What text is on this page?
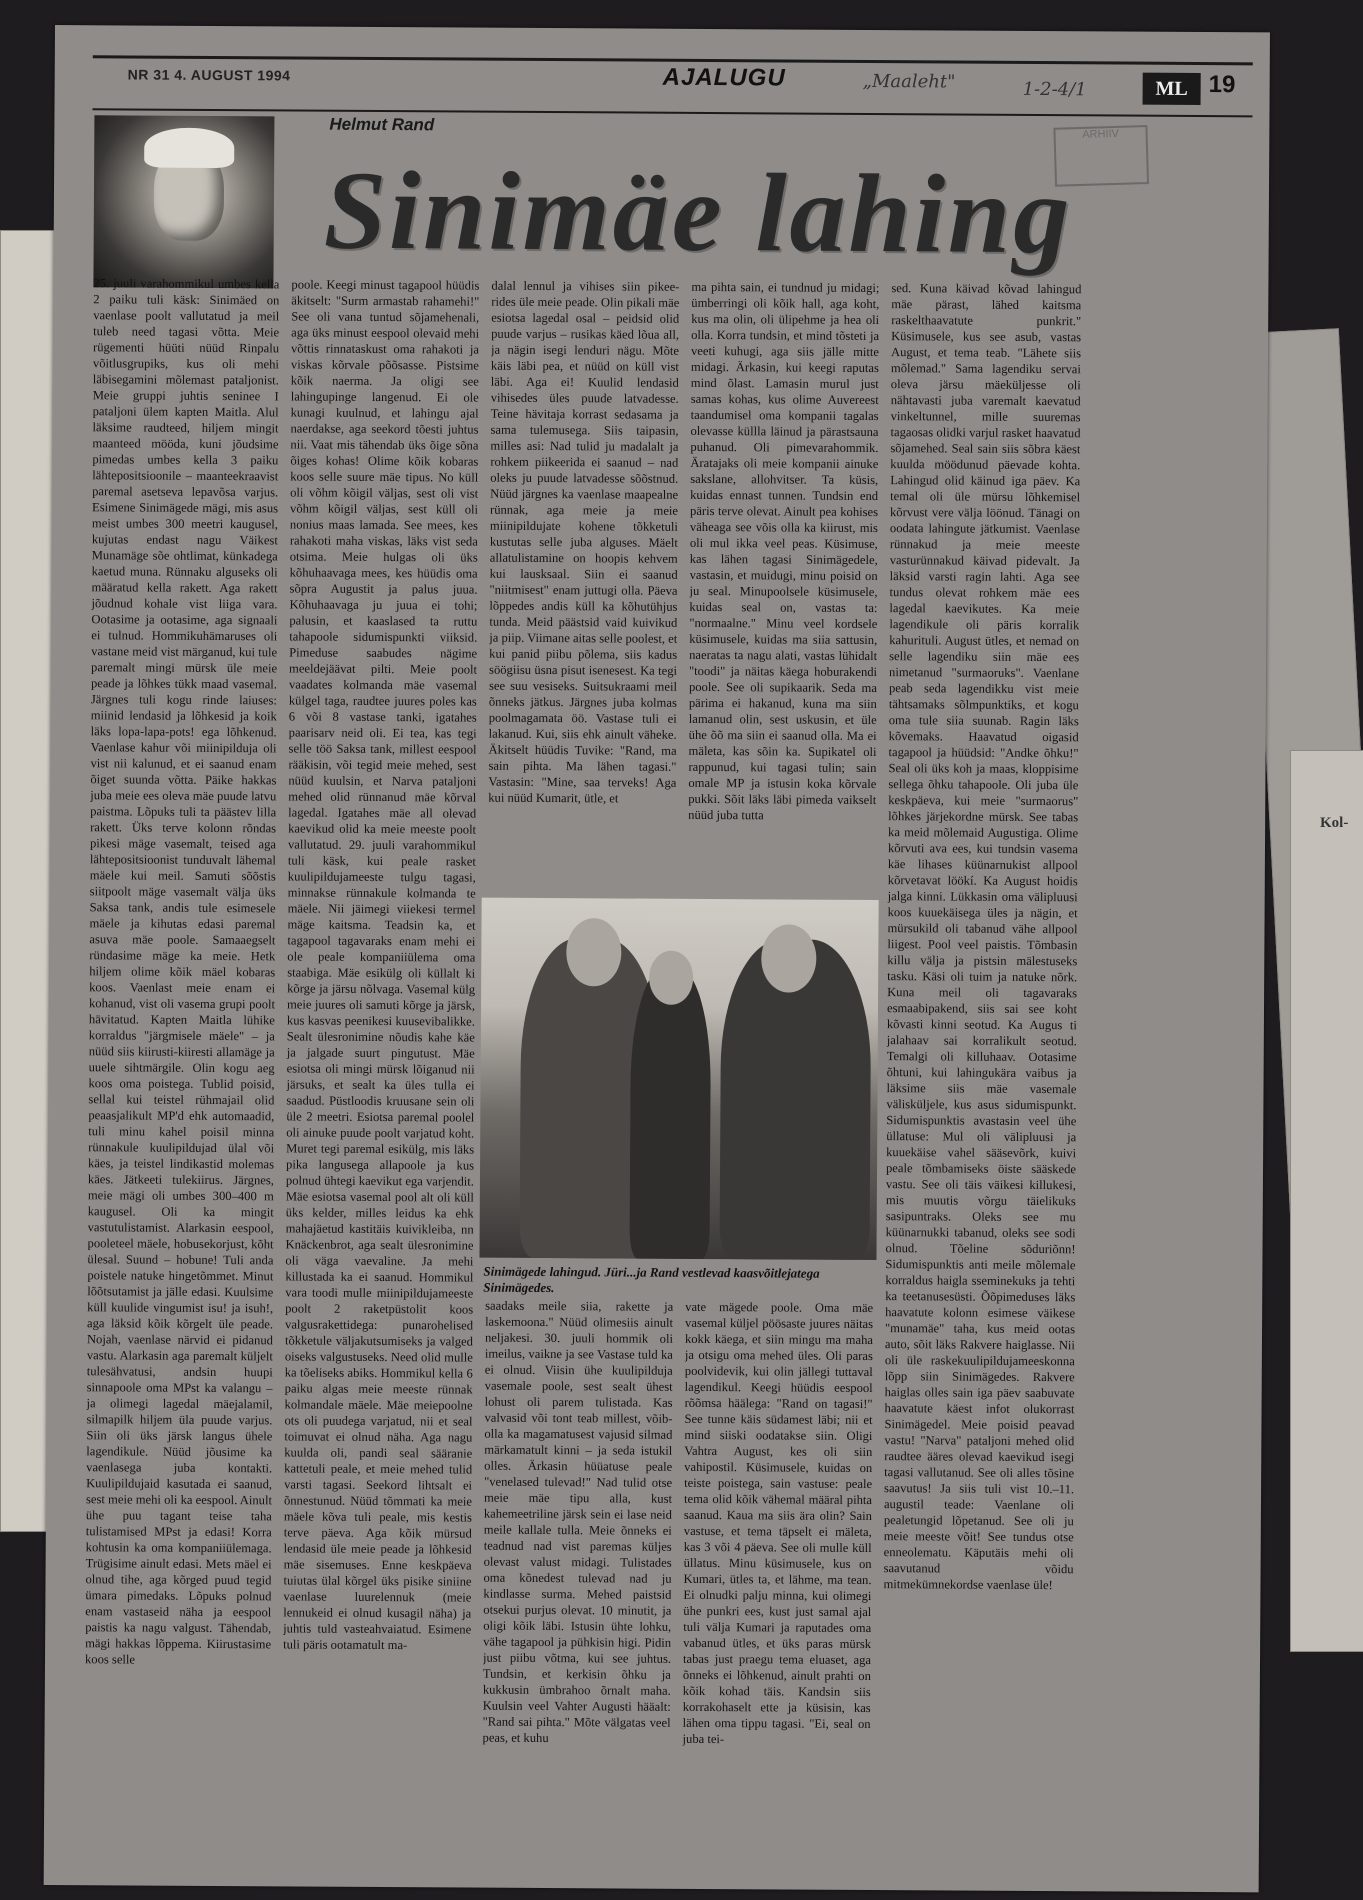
Kol-
NR 31 4. AUGUST 1994	AJALUGU	„Maaleht"	1-2-4/1	ML 19
ARHIIV
Helmut Rand
Sinimäe lahing
25. juuli varahommikul umbes kella 2 paiku tuli käsk: Sinimäed on vaenlase poolt vallutatud ja meil tuleb need tagasi võtta. Meie rügementi hüüti nüüd Rinpalu võitlusgrupiks, kus oli mehi läbisegamini mõlemast pataljonist. Meie gruppi juhtis seninee I pataljoni ülem kapten Maitla. Alul läksime raudteed, hiljem mingit maanteed mööda, kuni jõudsime pimedas umbes kella 3 paiku lähtepositsioonile – maanteekraavist paremal asetseva lepavõsa varjus. Esimene Sinimägede mägi, mis asus meist umbes 300 meetri kaugusel, kujutas endast nagu Väikest Munamäge sõe ohtlimat, künkadega kaetud muna. Rünnaku alguseks oli määratud kella rakett. Aga rakett jõudnud kohale vist liiga vara. Ootasime ja ootasime, aga signaali ei tulnud. Hommikuhämaruses oli vastane meid vist märganud, kui tule paremalt mingi mürsk üle meie peade ja lõhkes tükk maad vasemal. Järgnes tuli kogu rinde laiuses: miinid lendasid ja lõhkesid ja koik läks lopa-lapa-pots! ega lõhkenud. Vaenlase kahur või miinipilduja oli vist nii kalunud, et ei saanud enam õiget suunda võtta. Päike hakkas juba meie ees oleva mäe puude latvu paistma. Lõpuks tuli ta päästev lilla rakett. Üks terve kolonn rõndas pikesi mäge vasemalt, teised aga lähtepositsioonist tunduvalt lähemal mäele kui meil. Samuti sõõstis siitpoolt mäge vasemalt välja üks Saksa tank, andis tule esimesele mäele ja kihutas edasi paremal asuva mäe poole. Samaaegselt ründasime mäge ka meie. Hetk hiljem olime kõik mäel kobaras koos. Vaenlast meie enam ei kohanud, vist oli vasema grupi poolt hävitatud. Kapten Maitla lühike korraldus "järgmisele mäele" – ja nüüd siis kiirusti-kiiresti allamäge ja uuele sihtmärgile. Olin kogu aeg koos oma poistega. Tublid poisid, sellal kui teistel rühmajail olid peaasjalikult MP'd ehk automaadid, tuli minu kahel poisil minna rünnakule kuulipildujad ülal või käes, ja teistel lindikastid molemas käes. Jätkeeti tulekiirus. Järgnes, meie mägi oli umbes 300–400 m kaugusel. Oli ka mingit vastutulistamist. Alarkasin eespool, pooleteel mäele, hobusekorjust, kõht ülesal. Suund – hobune! Tuli anda poistele natuke hingetõmmet. Minut lõõtsutamist ja jälle edasi. Kuulsime küll kuulide vingumist isu! ja isuh!, aga läksid kõik kõrgelt üle peade. Nojah, vaenlase närvid ei pidanud vastu. Alarkasin aga paremalt küljelt tulesähvatusi, andsin huupi sinnapoole oma MPst ka valangu – ja olimegi lagedal mäejalamil, silmapilk hiljem üla puude varjus. Siin oli üks järsk langus ühele lagendikule. Nüüd jõusime ka vaenlasega juba kontakti. Kuulipildujaid kasutada ei saanud, sest meie mehi oli ka eespool. Ainult ühe puu tagant teise taha tulistamised MPst ja edasi! Korra kohtusin ka oma kompaniiülemaga. Trügisime ainult edasi. Mets mäel ei olnud tihe, aga kõrged puud tegid ümara pimedaks. Lõpuks polnud enam vastaseid näha ja eespool paistis ka nagu valgust. Tähendab, mägi hakkas lõppema. Kiirustasime koos selle
poole. Keegi minust tagapool hüüdis äkitselt: "Surm armastab rahamehi!" See oli vana tuntud sõjamehenali, aga üks minust eespool olevaid mehi võttis rinnataskust oma rahakoti ja viskas kõrvale põõsasse. Pistsime kõik naerma. Ja oligi see lahingupinge langenud. Ei ole kunagi kuulnud, et lahingu ajal naerdakse, aga seekord tõesti juhtus nii. Vaat mis tähendab üks õige sõna õiges kohas! Olime kõik kobaras koos selle suure mäe tipus. No küll oli võhm kõigil väljas, sest oli vist võhm kõigil väljas, sest küll oli nonius maas lamada. See mees, kes rahakoti maha viskas, läks vist seda otsima. Meie hulgas oli üks kõhuhaavaga mees, kes hüüdis oma sõpra Augustit ja palus juua. Kõhuhaavaga ju juua ei tohi; palusin, et kaaslased ta ruttu tahapoole sidumispunkti viiksid. Pimeduse saabudes nägime meeldejäävat pilti. Meie poolt vaadates kolmanda mäe vasemal külgel taga, raudtee juures poles kas 6 või 8 vastase tanki, igatahes paarisarv neid oli. Ei tea, kas tegi selle töö Saksa tank, millest eespool rääkisin, või tegid meie mehed, sest nüüd kuulsin, et Narva pataljoni mehed olid rünnanud mäe kõrval lagedal. Igatahes mäe all olevad kaevikud olid ka meie meeste poolt vallutatud. 29. juuli varahommikul tuli käsk, kui peale rasket kuulipildujameeste tulgu tagasi, minnakse rünnakule kolmanda te mäele. Nii jäimegi viiekesi termel mäge kaitsma. Teadsin ka, et tagapool tagavaraks enam mehi ei ole peale kompaniiülema oma staabiga. Mäe esikülg oli küllalt ki kõrge ja järsu nõlvaga. Vasemal külg meie juures oli samuti kõrge ja järsk, kus kasvas peenikesi kuusevibalikke. Sealt ülesronimine nõudis kahe käe ja jalgade suurt pingutust. Mäe esiotsa oli mingi mürsk lõiganud nii järsuks, et sealt ka üles tulla ei saadud. Püstloodis kruusane sein oli üle 2 meetri. Esiotsa paremal poolel oli ainuke puude poolt varjatud koht. Muret tegi paremal esikülg, mis läks pika langusega allapoole ja kus polnud ühtegi kaevikut ega varjendit. Mäe esiotsa vasemal pool alt oli küll üks kelder, milles leidus ka ehk mahajäetud kastitäis kuivikleiba, nn Knäckenbrot, aga sealt ülesronimine oli väga vaevaline. Ja mehi killustada ka ei saanud. Hommikul vara toodi mulle miinipildujameeste poolt 2 raketpüstolit koos valgusrakettidega: punarohelised tõkketule väljakutsumiseks ja valged oiseks valgustuseks. Need olid mulle ka tõeliseks abiks. Hommikul kella 6 paiku algas meie meeste rünnak kolmandale mäele. Mäe meiepoolne ots oli puudega varjatud, nii et seal toimuvat ei olnud näha. Aga nagu kuulda oli, pandi seal sääranie kattetuli peale, et meie mehed tulid varsti tagasi. Seekord lihtsalt ei õnnestunud. Nüüd tõmmati ka meie mäele kõva tuli peale, mis kestis terve päeva. Aga kõik mürsud lendasid üle meie peade ja lõhkesid mäe sisemuses. Enne keskpäeva tuiutas ülal kõrgel üks pisike siniine vaenlase luurelennuk (meie lennukeid ei olnud kusagil näha) ja juhtis tuld vasteahvaiatud. Esimene tuli päris ootamatult ma-
dalal lennul ja vihises siin pikee-rides üle meie peade. Olin pikali mäe esiotsa lagedal osal – peidsid olid puude varjus – rusikas käed lõua all, ja nägin isegi lenduri nägu. Mõte käis läbi pea, et nüüd on küll vist läbi. Aga ei! Kuulid lendasid vihisedes üles puude latvadesse. Teine hävitaja korrast sedasama ja sama tulemusega. Siis taipasin, milles asi: Nad tulid ju madalalt ja rohkem piikeerida ei saanud – nad oleks ju puude latvadesse sõõstnud. Nüüd järgnes ka vaenlase maapealne rünnak, aga meie ja meie miinipildujate kohene tõkketuli kustutas selle juba alguses. Mäelt allatulistamine on hoopis kehvem kui lausksaal. Siin ei saanud "niitmisest" enam juttugi olla. Päeva lõppedes andis küll ka kõhutühjus tunda. Meid päästsid vaid kuivikud ja piip. Viimane aitas selle poolest, et kui panid piibu põlema, siis kadus söögiisu üsna pisut isenesest. Ka tegi see suu vesiseks. Suitsukraami meil õnneks jätkus. Järgnes juba kolmas poolmagamata öö. Vastase tuli ei lakanud. Kui, siis ehk ainult väheke. Äkitselt hüüdis Tuvike: "Rand, ma sain pihta. Ma lähen tagasi." Vastasin: "Mine, saa terveks! Aga kui nüüd Kumarit, ütle, et
ma pihta sain, ei tundnud ju midagi; ümberringi oli kõik hall, aga koht, kus ma olin, oli ülipehme ja hea oli olla. Korra tundsin, et mind tõsteti ja veeti kuhugi, aga siis jälle mitte midagi. Ärkasin, kui keegi raputas mind õlast. Lamasin murul just samas kohas, kus olime Auvereest taandumisel oma kompanii tagalas olevasse küllla läinud ja pärastsauna puhanud. Oli pimevarahommik. Äratajaks oli meie kompanii ainuke sakslane, allohvitser. Ta küsis, kuidas ennast tunnen. Tundsin end päris terve olevat. Ainult pea kohises väheaga see võis olla ka kiirust, mis oli mul ikka veel peas. Küsimuse, kas lähen tagasi Sinimägedele, vastasin, et muidugi, minu poisid on ju seal. Minupoolsele küsimusele, kuidas seal on, vastas ta: "normaalne." Minu veel kordsele küsimusele, kuidas ma siia sattusin, naeratas ta nagu alati, vastas lühidalt "toodi" ja näitas käega hoburakendi poole. See oli supikaarik. Seda ma pärima ei hakanud, kuna ma siin lamanud olin, sest uskusin, et üle ühe õõ ma siin ei saanud olla. Ma ei mäleta, kas sõin ka. Supikatel oli rappunud, kui tagasi tulin; sain omale MP ja istusin koka kõrvale pukki. Sõit läks läbi pimeda vaikselt nüüd juba tutta
sed. Kuna käivad kõvad lahingud mäe pärast, lähed kaitsma raskelthaavatute punkrit." Küsimusele, kus see asub, vastas August, et tema teab. "Lähete siis mõlemad." Sama lagendiku servai oleva järsu mäeküljesse oli nähtavasti juba varemalt kaevatud vinkeltunnel, mille suuremas tagaosas olidki varjul rasket haavatud sõjamehed. Seal sain siis sõbra käest kuulda möödunud päevade kohta. Lahingud olid käinud iga päev. Ka temal oli üle mürsu lõhkemisel kõrvust vere välja löönud. Tänagi on oodata lahingute jätkumist. Vaenlase rünnakud ja meie meeste vasturünnakud käivad pidevalt. Ja läksid varsti ragin lahti. Aga see tundus olevat rohkem mäe ees lagedal kaevikutes. Ka meie lagendikule oli päris korralik kahurituli. August ütles, et nemad on selle lagendiku siin mäe ees nimetanud "surmaoruks". Vaenlane peab seda lagendikku vist meie tähtsamaks sõlmpunktiks, et kogu oma tule siia suunab. Ragin läks kõvemaks. Haavatud oigasid tagapool ja hüüdsid: "Andke õhku!" Seal oli üks koh ja maas, kloppisime sellega õhku tahapoole. Oli juba üle keskpäeva, kui meie "surmaorus" lõhkes järjekordne mürsk. See tabas ka meid mõlemaid Augustiga. Olime kõrvuti ava ees, kui tundsin vasema käe lihases küünarnukist allpool kõrvetavat löökí. Ka August hoidis jalga kinni. Lükkasin oma välipluusi koos kuuekäisega üles ja nägin, et mürsukild oli tabanud vähe allpool liigest. Pool veel paistis. Tõmbasin killu välja ja pistsin mälestuseks tasku. Käsi oli tuim ja natuke nõrk. Kuna meil oli tagavaraks esmaabipakend, siis sai see koht kõvasti kinni seotud. Ka Augus ti jalahaav sai korralikult seotud. Temalgi oli killuhaav. Ootasime õhtuni, kui lahingukära vaibus ja läksime siis mäe vasemale välisküljele, kus asus sidumispunkt. Sidumispunktis avastasin veel ühe üllatuse: Mul oli välipluusi ja kuuekäise vahel sääsevõrk, kuivi peale tõmbamiseks öiste sääskede vastu. See oli täis väikesi killukesi, mis muutis võrgu täielikuks sasipuntraks. Oleks see mu küünarnukki tabanud, oleks see sodi olnud. Tõeline sõduriõnn! Sidumispunktis anti meile mõlemale korraldus haigla sseminekuks ja tehti ka teetanusesüsti. Õõpimeduses läks haavatute kolonn esimese väikese "munamäe" taha, kus meid ootas auto, sõit läks Rakvere haiglasse. Nii oli üle raskekuulipildujameeskonna lõpp siin Sinimägedes. Rakvere haiglas olles sain iga päev saabuvate haavatute käest infot olukorrast Sinimägedel. Meie poisid peavad vastu! "Narva" pataljoni mehed olid raudtee ääres olevad kaevikud isegi tagasi vallutanud. See oli alles tõsine saavutus! Ja siis tuli vist 10.–11. augustil teade: Vaenlane oli pealetungid lõpetanud. See oli ju meie meeste võit! See tundus otse enneolematu. Käputäis mehi oli saavutanud võidu mitmekümnekordse vaenlase üle!
Sinimägede lahingud. Jüri...ja Rand vestlevad kaasvõitlejatega Sinimägedes.
saadaks meile siia, rakette ja laskemoona." Nüüd olimesiis ainult neljakesi. 30. juuli hommik oli imeilus, vaikne ja see Vastase tuld ka ei olnud. Viisin ühe kuulipilduja vasemale poole, sest sealt ühest lohust oli parem tulistada. Kas valvasid või tont teab millest, võib-olla ka magamatusest vajusid silmad märkamatult kinni – ja seda istukil olles. Ärkasin hüüatuse peale "venelased tulevad!" Nad tulid otse meie mäe tipu alla, kust kahemeetriline järsk sein ei lase neid meile kallale tulla. Meie õnneks ei teadnud nad vist paremas küljes olevast valust midagi. Tulistades oma kõnedest tulevad nad ju kindlasse surma. Mehed paistsid otsekui purjus olevat. 10 minutit, ja oligi kõik läbi. Istusin ühte lohku, vähe tagapool ja pühkisin higi. Pidin just piibu võtma, kui see juhtus. Tundsin, et kerkisin õhku ja kukkusin ümbrahoo õrnalt maha. Kuulsin veel Vahter Augusti hääalt: "Rand sai pihta." Mõte välgatas veel peas, et kuhu
vate mägede poole. Oma mäe vasemal küljel pöösaste juures näitas kokk käega, et siin mingu ma maha ja otsigu oma mehed üles. Oli paras poolvidevik, kui olin jällegi tuttaval lagendikul. Keegi hüüdis eespool rõõmsa häälega: "Rand on tagasi!" See tunne käis südamest läbi; nii et mind siiski oodatakse siin. Oligi Vahtra August, kes oli siin vahipostil. Küsimusele, kuidas on teiste poistega, sain vastuse: peale tema olid kõik vähemal määral pihta saanud. Kaua ma siis ära olin? Sain vastuse, et tema täpselt ei mäleta, kas 3 või 4 päeva. See oli mulle küll üllatus. Minu küsimusele, kus on Kumari, ütles ta, et lähme, ma tean. Ei olnudki palju minna, kui olimegi ühe punkri ees, kust just samal ajal tuli välja Kumari ja raputades oma vabanud ütles, et üks paras mürsk tabas just praegu tema eluaset, aga õnneks ei lõhkenud, ainult prahti on kõik kohad täis. Kandsin siis korrakohaselt ette ja küsisin, kas lähen oma tippu tagasi. "Ei, seal on juba tei-
